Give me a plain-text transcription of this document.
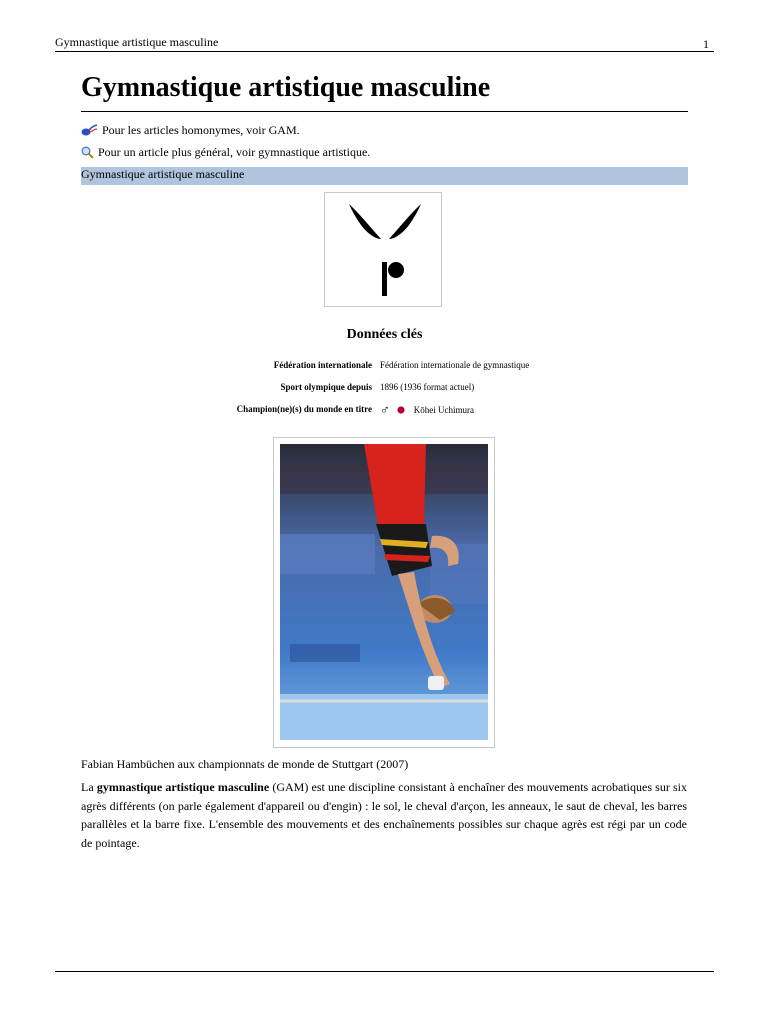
Gymnastique artistique masculine	1
Gymnastique artistique masculine
Pour les articles homonymes, voir GAM.
Pour un article plus général, voir gymnastique artistique.
Gymnastique artistique masculine
Données clés
Fédération internationale Fédération internationale de gymnastique
Sport olympique depuis 1896 (1936 format actuel)
Champion(ne)(s) du monde en titre ♂	Kōhei Uchimura
Fabian Hambüchen aux championnats de monde de Stuttgart (2007)

La gymnastique artistique masculine (GAM) est une discipline consistant à enchaîner des mouvements acrobatiques sur six agrès différents (on parle également d'appareil ou d'engin) : le sol, le cheval d'arçon, les anneaux, le saut de cheval, les barres parallèles et la barre fixe. L'ensemble des mouvements et des enchaînements possibles sur chaque agrès est régi par un code de pointage.
